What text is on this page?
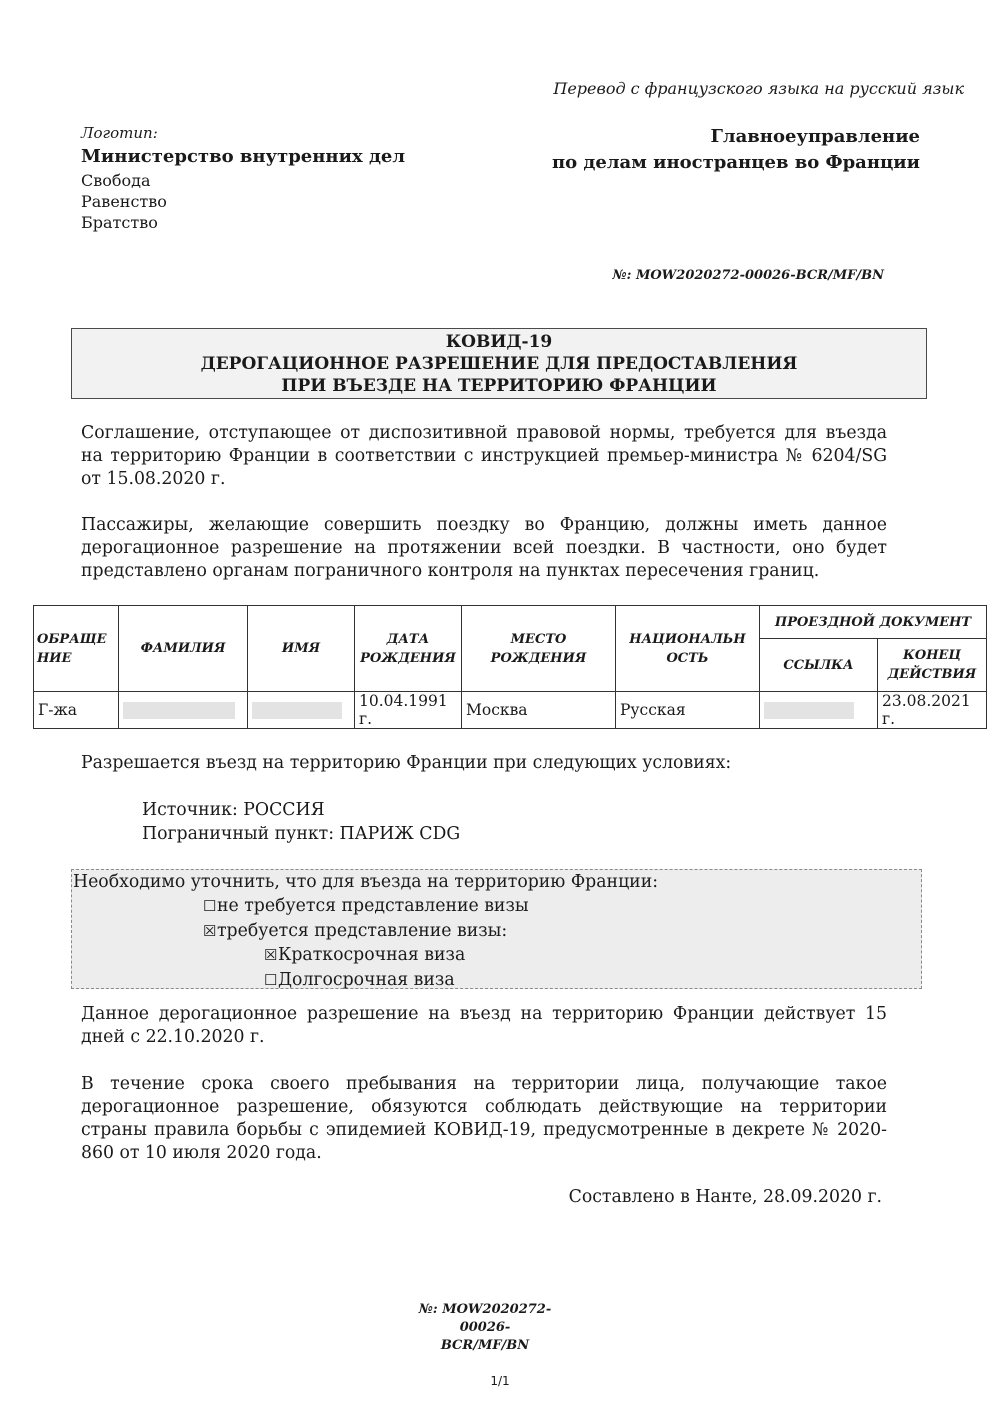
Перевод с французского языка на русский язык
Логотип:
Министерство внутренних дел
Свобода
Равенство
Братство
Главноеуправление
по делам иностранцев во Франции
№: MOW2020272-00026-BCR/MF/BN
КОВИД-19
ДЕРОГАЦИОННОЕ РАЗРЕШЕНИЕ ДЛЯ ПРЕДОСТАВЛЕНИЯ
ПРИ ВЪЕЗДЕ НА ТЕРРИТОРИЮ ФРАНЦИИ
Соглашение, отступающее от диспозитивной правовой нормы, требуется для въезда на территорию Франции в соответствии с инструкцией премьер-министра № 6204/SG от 15.08.2020 г.
Пассажиры, желающие совершить поездку во Францию, должны иметь данное дерогационное разрешение на протяжении всей поездки. В частности, оно будет представлено органам пограничного контроля на пунктах пересечения границ.
ОБРАЩЕ НИЕ	ФАМИЛИЯ	ИМЯ	ДАТА РОЖДЕНИЯ	МЕСТО РОЖДЕНИЯ	НАЦИОНАЛЬН ОСТЬ	ПРОЕЗДНОЙ ДОКУМЕНТ	
						ССЫЛКА	КОНЕЦ ДЕЙСТВИЯ
Г-жа			10.04.1991 г.	Москва	Русская		23.08.2021 г.
Разрешается въезд на территорию Франции при следующих условиях:
Источник: РОССИЯ
Пограничный пункт: ПАРИЖ CDG
Необходимо уточнить, что для въезда на территорию Франции:
☐не требуется представление визы
☒требуется представление визы:
☒Краткосрочная виза
☐Долгосрочная виза
Данное дерогационное разрешение на въезд на территорию Франции действует 15 дней с 22.10.2020 г.
В течение срока своего пребывания на территории лица, получающие такое дерогационное разрешение, обязуются соблюдать действующие на территории страны правила борьбы с эпидемией КОВИД-19, предусмотренные в декрете № 2020-860 от 10 июля 2020 года.
Составлено в Нанте, 28.09.2020 г.
№: MOW2020272-00026-
BCR/MF/BN
1/1
